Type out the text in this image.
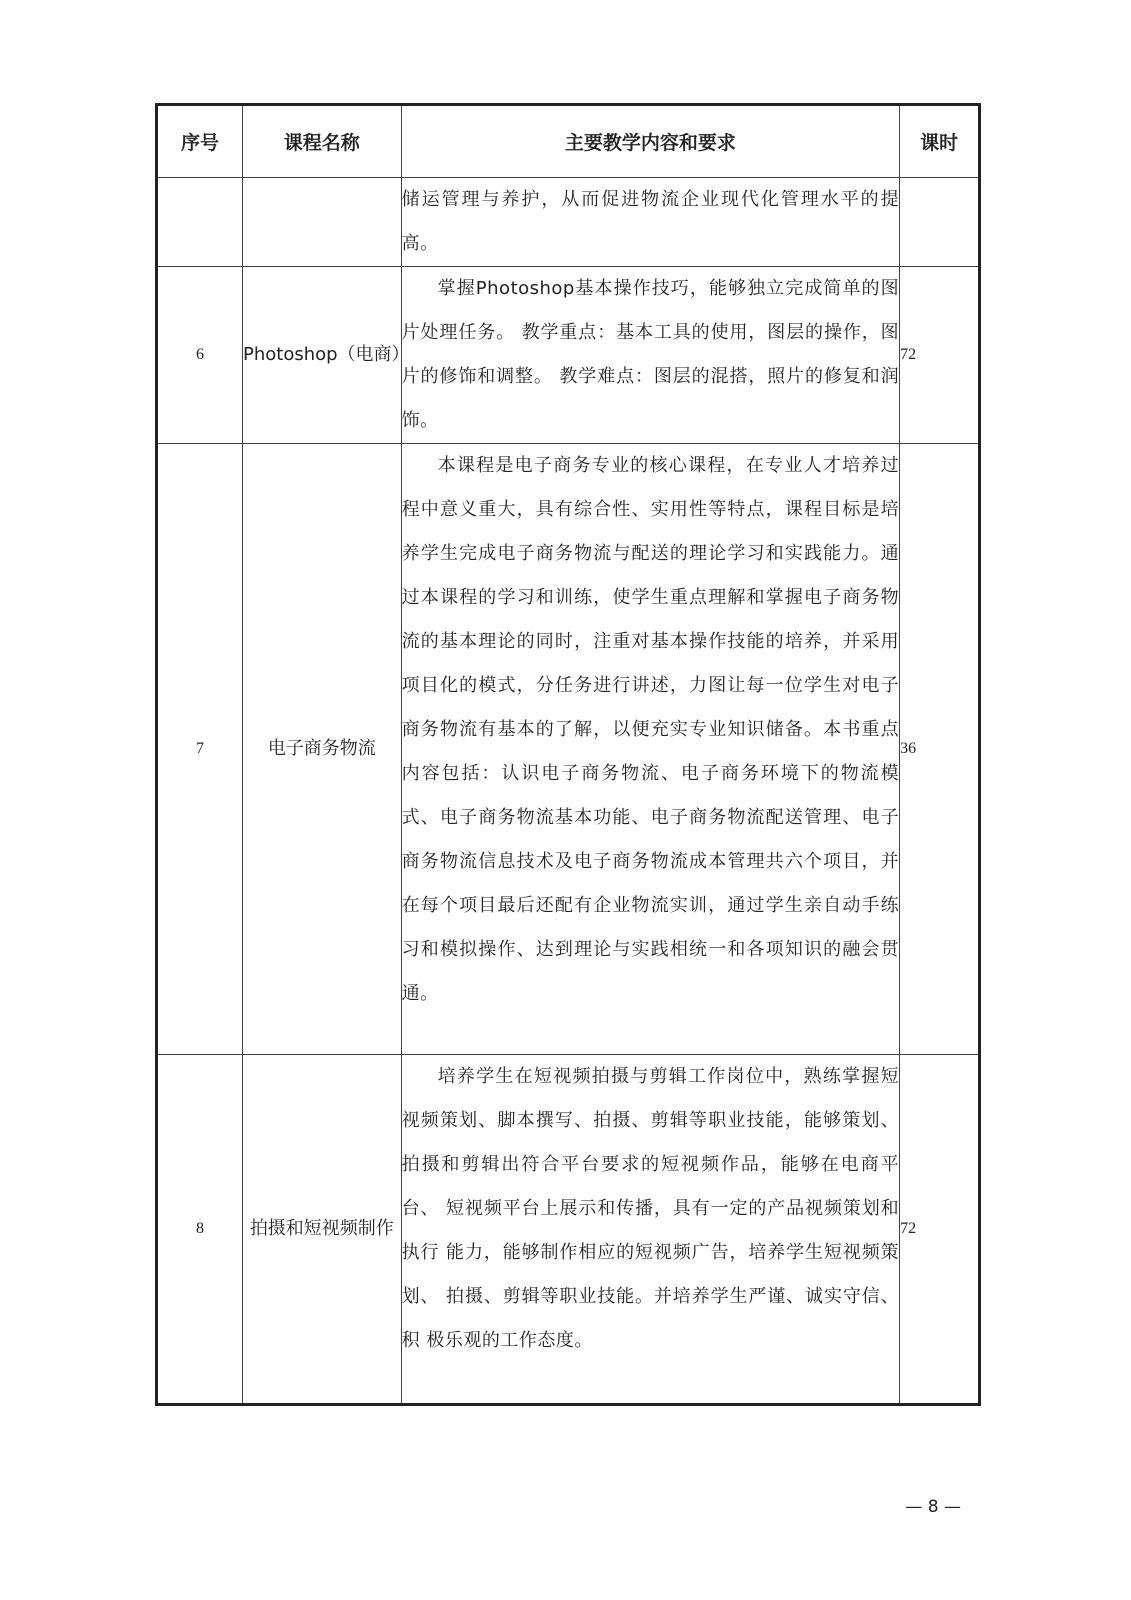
序号	课程名称	主要教学内容和要求	课时
		储运管理与养护，从而促进物流企业现代化管理水平的提高。	
6	Photoshop（电商）	掌握Photoshop基本操作技巧，能够独立完成简单的图片处理任务。 教学重点：基本工具的使用，图层的操作，图片的修饰和调整。 教学难点：图层的混搭，照片的修复和润饰。	72
7	电子商务物流	本课程是电子商务专业的核心课程，在专业人才培养过程中意义重大，具有综合性、实用性等特点，课程目标是培养学生完成电子商务物流与配送的理论学习和实践能力。通过本课程的学习和训练，使学生重点理解和掌握电子商务物流的基本理论的同时，注重对基本操作技能的培养，并采用项目化的模式，分任务进行讲述，力图让每一位学生对电子商务物流有基本的了解，以便充实专业知识储备。本书重点内容包括：认识电子商务物流、电子商务环境下的物流模式、电子商务物流基本功能、电子商务物流配送管理、电子商务物流信息技术及电子商务物流成本管理共六个项目，并在每个项目最后还配有企业物流实训，通过学生亲自动手练习和模拟操作、达到理论与实践相统一和各项知识的融会贯通。	36
8	拍摄和短视频制作	培养学生在短视频拍摄与剪辑工作岗位中，熟练掌握短 视频策划、脚本撰写、拍摄、剪辑等职业技能，能够策划、 拍摄和剪辑出符合平台要求的短视频作品，能够在电商平台、 短视频平台上展示和传播，具有一定的产品视频策划和执行 能力，能够制作相应的短视频广告，培养学生短视频策划、 拍摄、剪辑等职业技能。并培养学生严谨、诚实守信、积 极乐观的工作态度。	72
— 8 —
